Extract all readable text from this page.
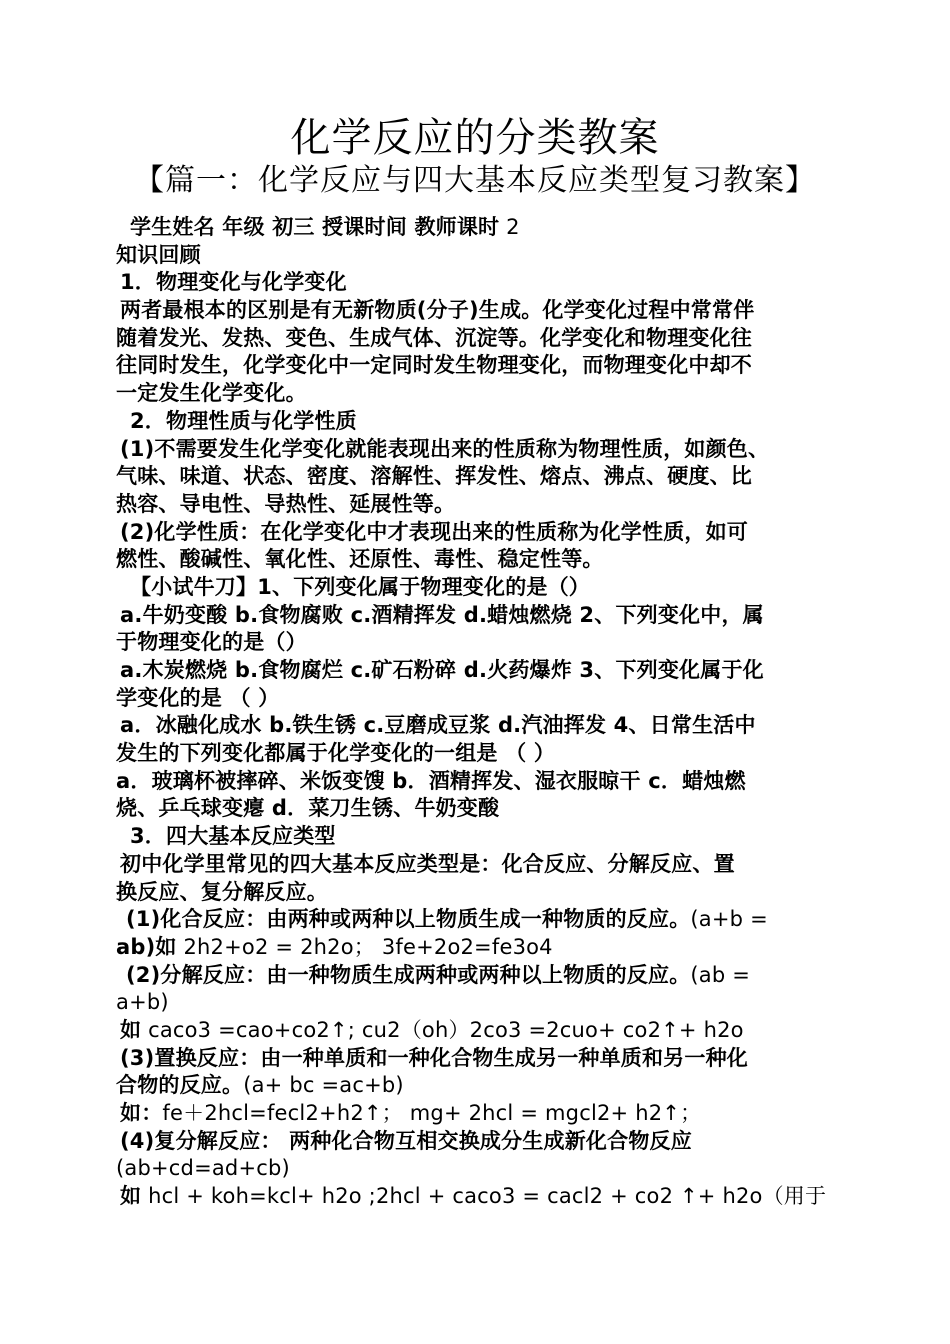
化学反应的分类教案
【篇一：化学反应与四大基本反应类型复习教案】
学生姓名 年级 初三 授课时间 教师课时 2
知识回顾
1．物理变化与化学变化
两者最根本的区别是有无新物质(分子)生成。化学变化过程中常常伴
随着发光、发热、变色、生成气体、沉淀等。化学变化和物理变化往
往同时发生，化学变化中一定同时发生物理变化，而物理变化中却不
一定发生化学变化。
2．物理性质与化学性质
(1)不需要发生化学变化就能表现出来的性质称为物理性质，如颜色、
气味、味道、状态、密度、溶解性、挥发性、熔点、沸点、硬度、比
热容、导电性、导热性、延展性等。
(2)化学性质：在化学变化中才表现出来的性质称为化学性质，如可
燃性、酸碱性、氧化性、还原性、毒性、稳定性等。
【小试牛刀】1、下列变化属于物理变化的是（）
a.牛奶变酸 b.食物腐败 c.酒精挥发 d.蜡烛燃烧 2、下列变化中，属
于物理变化的是（）
a.木炭燃烧 b.食物腐烂 c.矿石粉碎 d.火药爆炸 3、下列变化属于化
学变化的是 （ ）
a．冰融化成水 b.铁生锈 c.豆磨成豆浆 d.汽油挥发 4、日常生活中
发生的下列变化都属于化学变化的一组是 （ ）
a．玻璃杯被摔碎、米饭变馊 b．酒精挥发、湿衣服晾干 c．蜡烛燃
烧、乒乓球变瘪 d．菜刀生锈、牛奶变酸
3．四大基本反应类型
初中化学里常见的四大基本反应类型是：化合反应、分解反应、置
换反应、复分解反应。
(1)化合反应：由两种或两种以上物质生成一种物质的反应。(a+b =
ab)如 2h2+o2 = 2h2o； 3fe+2o2=fe3o4
(2)分解反应：由一种物质生成两种或两种以上物质的反应。(ab =
a+b)
如 caco3 =cao+co2↑; cu2（oh）2co3 =2cuo+ co2↑+ h2o
(3)置换反应：由一种单质和一种化合物生成另一种单质和另一种化
合物的反应。(a+ bc =ac+b)
如：fe＋2hcl=fecl2+h2↑； mg+ 2hcl = mgcl2+ h2↑；
(4)复分解反应： 两种化合物互相交换成分生成新化合物反应
(ab+cd=ad+cb)
如 hcl + koh=kcl+ h2o ;2hcl + caco3 = cacl2 + co2 ↑+ h2o（用于
